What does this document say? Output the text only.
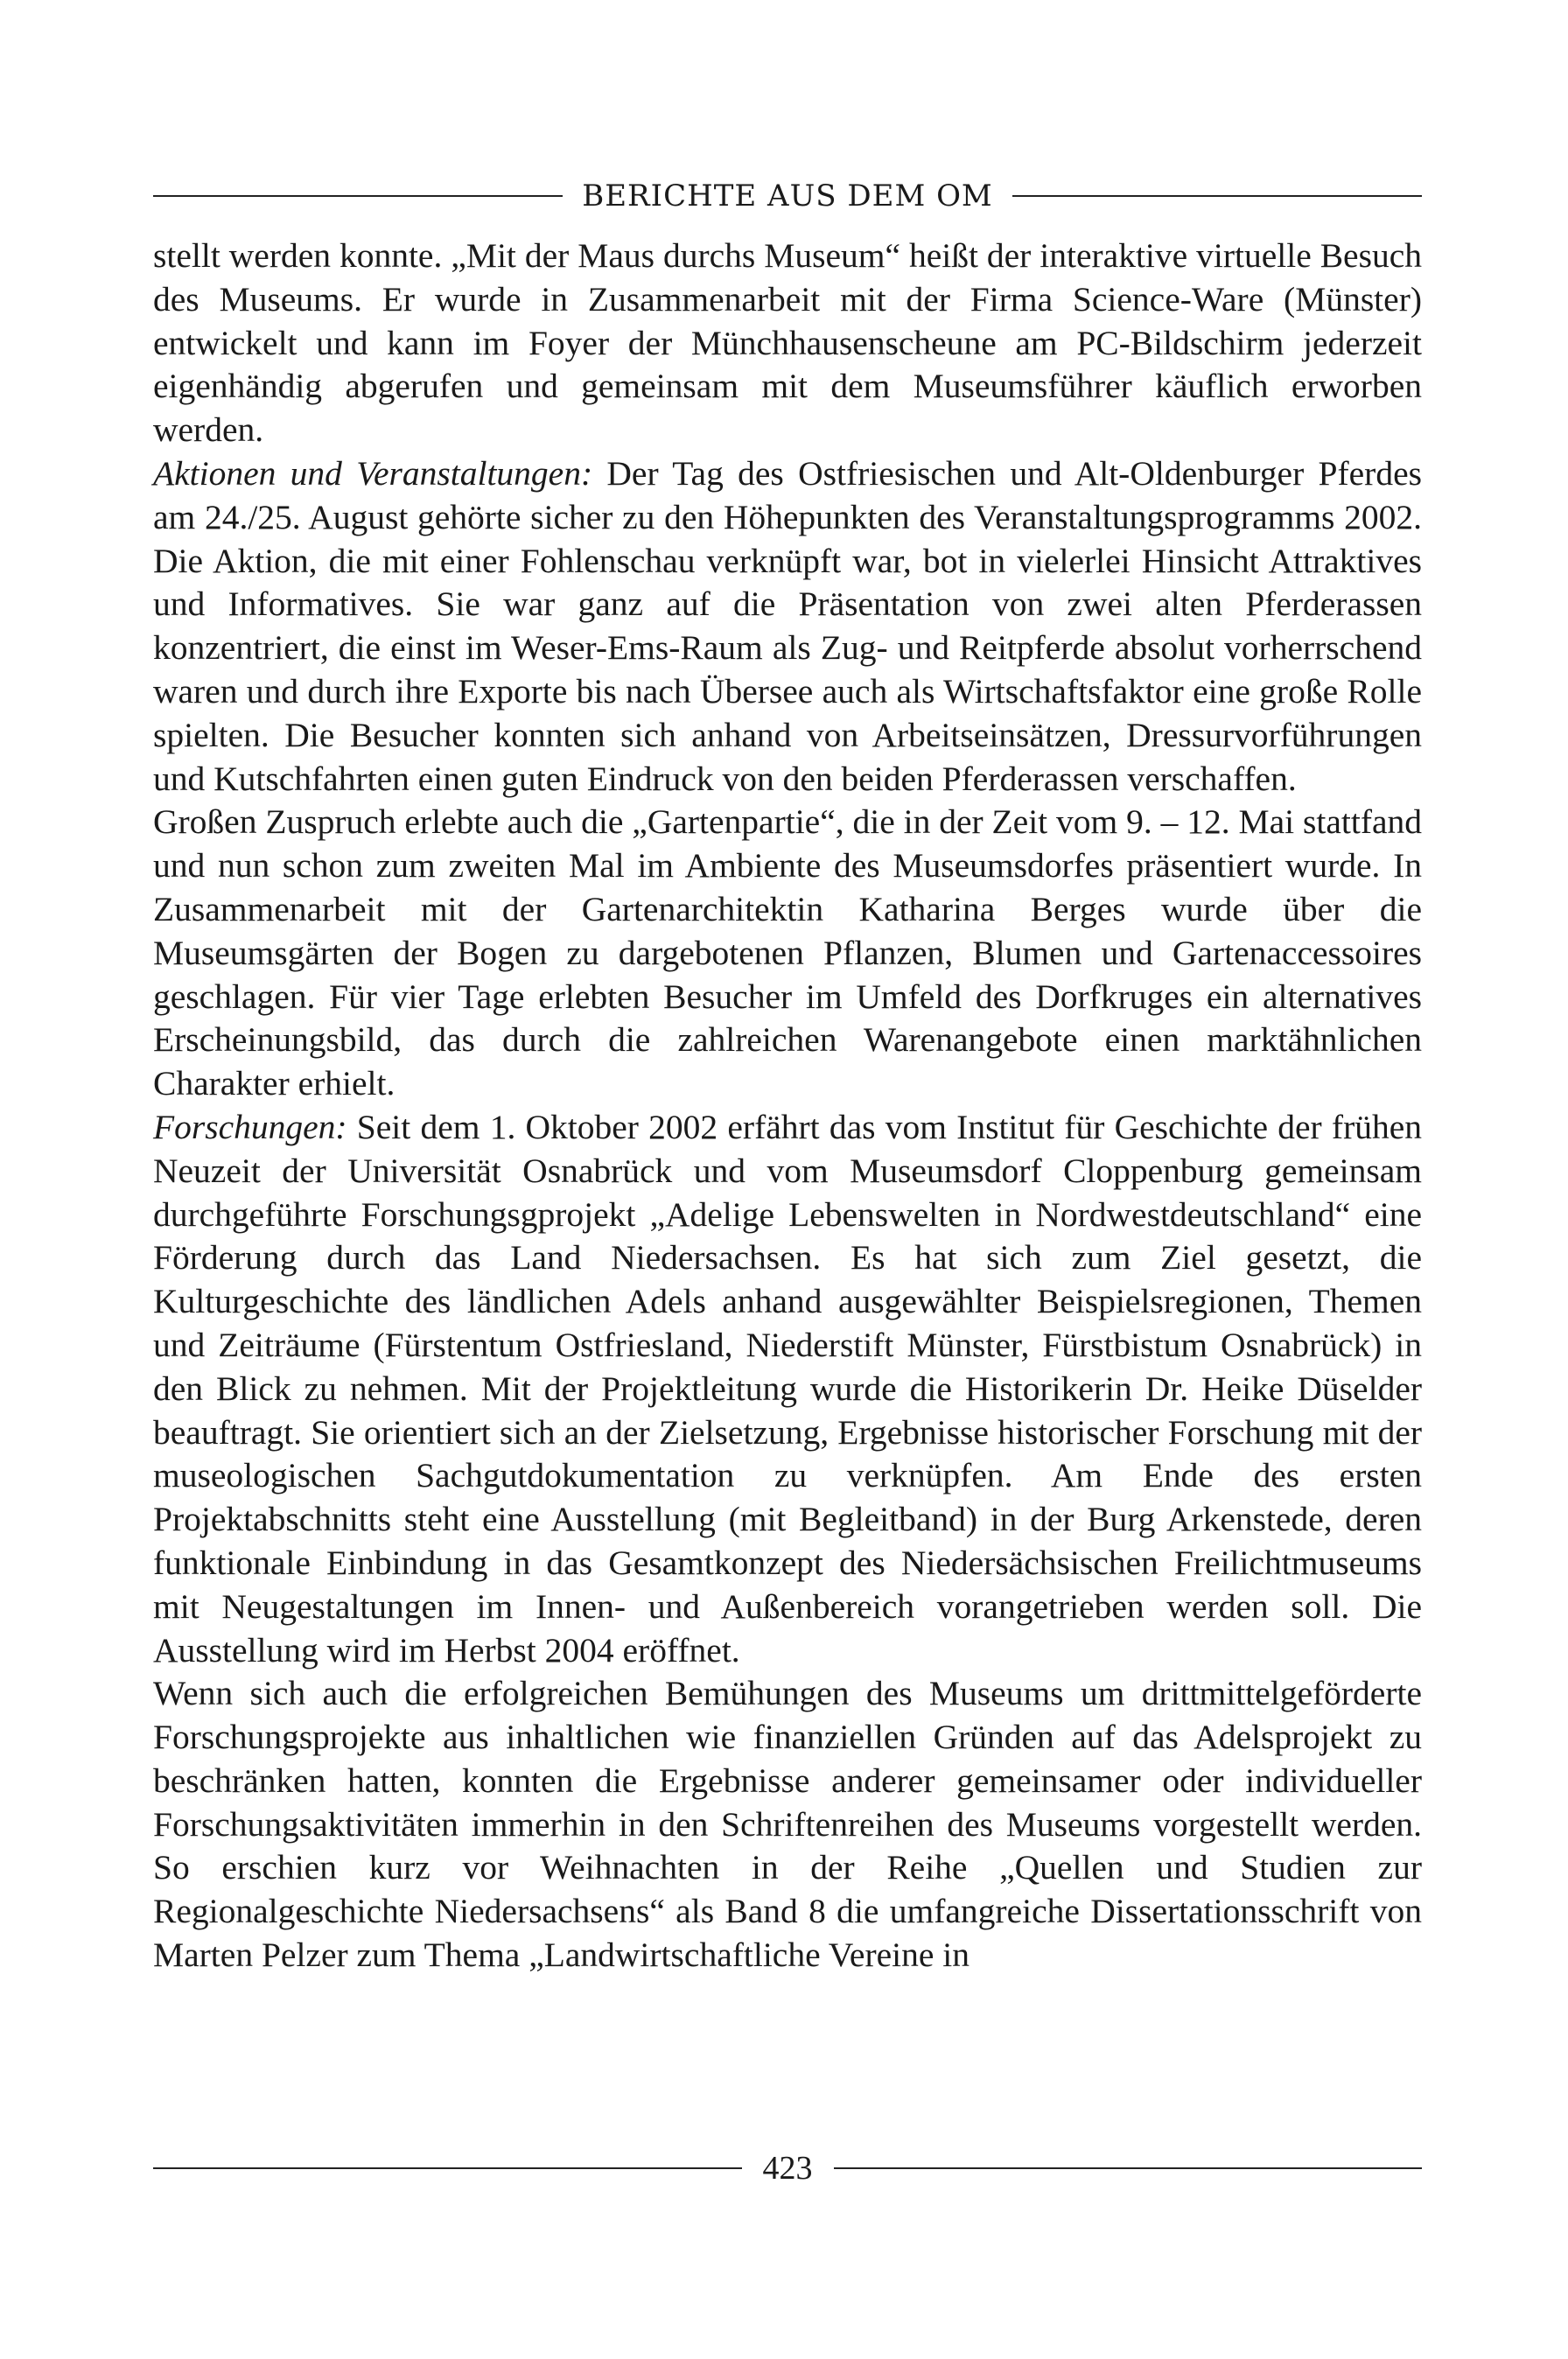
BERICHTE AUS DEM OM

stellt werden konnte. „Mit der Maus durchs Museum“ heißt der interaktive virtuelle Besuch des Museums. Er wurde in Zusammenarbeit mit der Firma Science-Ware (Münster) entwickelt und kann im Foyer der Münchhausenscheune am PC-Bildschirm jederzeit eigenhändig abgerufen und gemeinsam mit dem Museumsführer käuflich erworben werden.

Aktionen und Veranstaltungen: Der Tag des Ostfriesischen und Alt-Oldenburger Pferdes am 24./25. August gehörte sicher zu den Höhepunkten des Veranstaltungsprogramms 2002. Die Aktion, die mit einer Fohlenschau verknüpft war, bot in vielerlei Hinsicht Attraktives und Informatives. Sie war ganz auf die Präsentation von zwei alten Pferderassen konzentriert, die einst im Weser-Ems-Raum als Zug- und Reitpferde absolut vorherrschend waren und durch ihre Exporte bis nach Übersee auch als Wirtschaftsfaktor eine große Rolle spielten. Die Besucher konnten sich anhand von Arbeitseinsätzen, Dressurvorführungen und Kutschfahrten einen guten Eindruck von den beiden Pferderassen verschaffen.

Großen Zuspruch erlebte auch die „Gartenpartie“, die in der Zeit vom 9. – 12. Mai stattfand und nun schon zum zweiten Mal im Ambiente des Museumsdorfes präsentiert wurde. In Zusammenarbeit mit der Gartenarchitektin Katharina Berges wurde über die Museumsgärten der Bogen zu dargebotenen Pflanzen, Blumen und Gartenaccessoires geschlagen. Für vier Tage erlebten Besucher im Umfeld des Dorfkruges ein alternatives Erscheinungsbild, das durch die zahlreichen Warenangebote einen marktähnlichen Charakter erhielt.

Forschungen: Seit dem 1. Oktober 2002 erfährt das vom Institut für Geschichte der frühen Neuzeit der Universität Osnabrück und vom Museumsdorf Cloppenburg gemeinsam durchgeführte Forschungsgprojekt „Adelige Lebenswelten in Nordwestdeutschland“ eine Förderung durch das Land Niedersachsen. Es hat sich zum Ziel gesetzt, die Kulturgeschichte des ländlichen Adels anhand ausgewählter Beispielsregionen, Themen und Zeiträume (Fürstentum Ostfriesland, Niederstift Münster, Fürstbistum Osnabrück) in den Blick zu nehmen. Mit der Projektleitung wurde die Historikerin Dr. Heike Düselder beauftragt. Sie orientiert sich an der Zielsetzung, Ergebnisse historischer Forschung mit der museologischen Sachgutdokumentation zu verknüpfen. Am Ende des ersten Projektabschnitts steht eine Ausstellung (mit Begleitband) in der Burg Arkenstede, deren funktionale Einbindung in das Gesamtkonzept des Niedersächsischen Freilichtmuseums mit Neugestaltungen im Innen- und Außenbereich vorangetrieben werden soll. Die Ausstellung wird im Herbst 2004 eröffnet.

Wenn sich auch die erfolgreichen Bemühungen des Museums um drittmittelgeförderte Forschungsprojekte aus inhaltlichen wie finanziellen Gründen auf das Adelsprojekt zu beschränken hatten, konnten die Ergebnisse anderer gemeinsamer oder individueller Forschungsaktivitäten immerhin in den Schriftenreihen des Museums vorgestellt werden. So erschien kurz vor Weihnachten in der Reihe „Quellen und Studien zur Regionalgeschichte Niedersachsens“ als Band 8 die umfangreiche Dissertationsschrift von Marten Pelzer zum Thema „Landwirtschaftliche Vereine in

423
